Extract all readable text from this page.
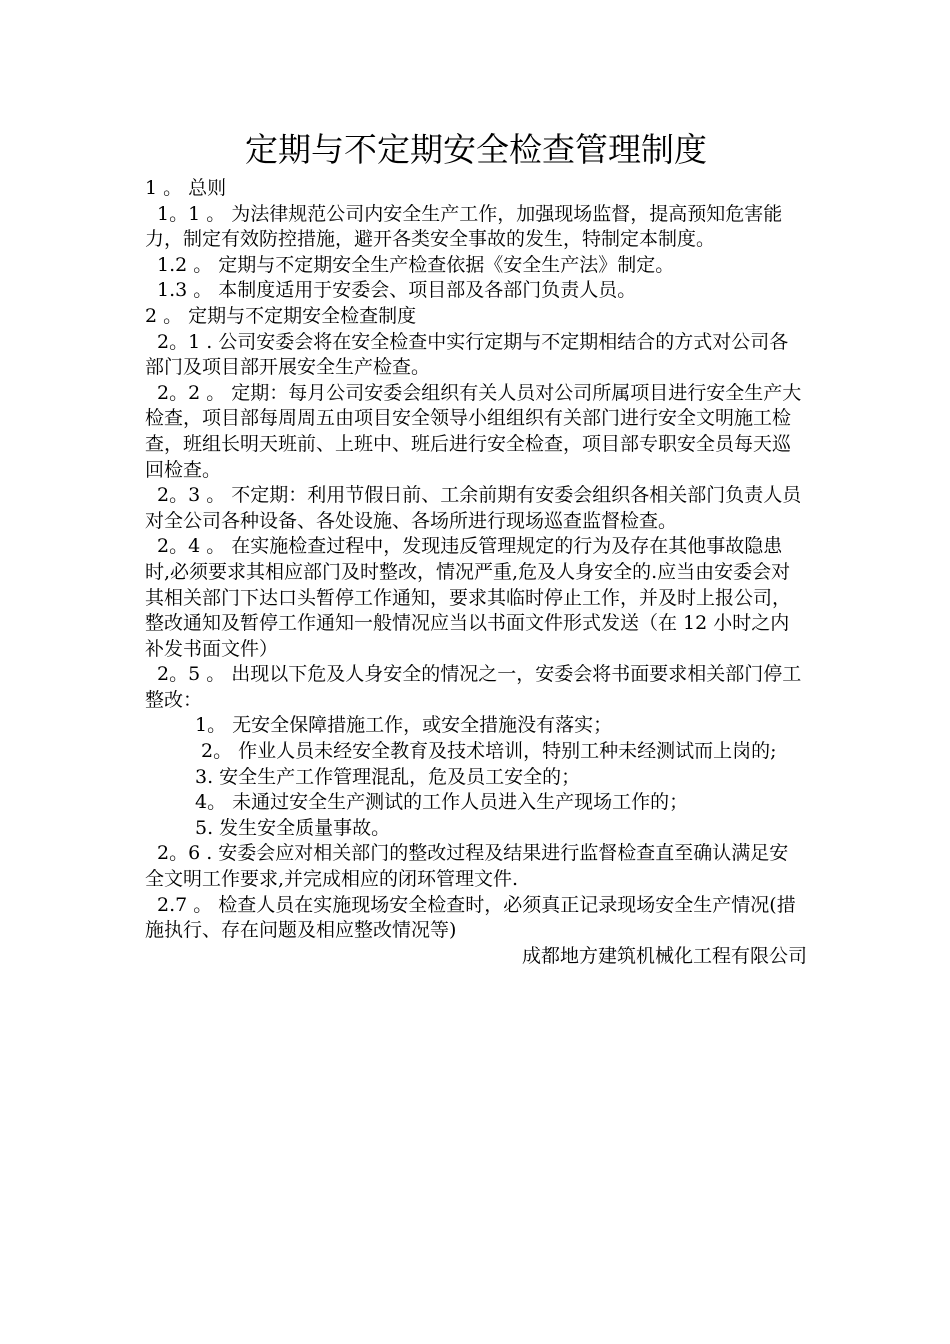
定期与不定期安全检查管理制度

1 。 总则

1。1 。 为法律规范公司内安全生产工作，加强现场监督，提高预知危害能力，制定有效防控措施，避开各类安全事故的发生，特制定本制度。

1.2 。 定期与不定期安全生产检查依据《安全生产法》制定。

1.3 。 本制度适用于安委会、项目部及各部门负责人员。

2 。 定期与不定期安全检查制度

2。1 . 公司安委会将在安全检查中实行定期与不定期相结合的方式对公司各部门及项目部开展安全生产检查。

2。2 。 定期：每月公司安委会组织有关人员对公司所属项目进行安全生产大检查，项目部每周周五由项目安全领导小组组织有关部门进行安全文明施工检查，班组长明天班前、上班中、班后进行安全检查，项目部专职安全员每天巡回检查。

2。3 。 不定期：利用节假日前、工余前期有安委会组织各相关部门负责人员对全公司各种设备、各处设施、各场所进行现场巡查监督检查。

2。4 。 在实施检查过程中，发现违反管理规定的行为及存在其他事故隐患时,必须要求其相应部门及时整改，情况严重,危及人身安全的.应当由安委会对其相关部门下达口头暂停工作通知，要求其临时停止工作，并及时上报公司，整改通知及暂停工作通知一般情况应当以书面文件形式发送（在 12 小时之内补发书面文件）

2。5 。 出现以下危及人身安全的情况之一，安委会将书面要求相关部门停工整改：

1。 无安全保障措施工作，或安全措施没有落实；

2。 作业人员未经安全教育及技术培训，特别工种未经测试而上岗的;

3. 安全生产工作管理混乱，危及员工安全的；

4。 未通过安全生产测试的工作人员进入生产现场工作的；

5. 发生安全质量事故。

2。6 . 安委会应对相关部门的整改过程及结果进行监督检查直至确认满足安全文明工作要求,并完成相应的闭环管理文件.

2.7 。 检查人员在实施现场安全检查时，必须真正记录现场安全生产情况(措施执行、存在问题及相应整改情况等)

成都地方建筑机械化工程有限公司
